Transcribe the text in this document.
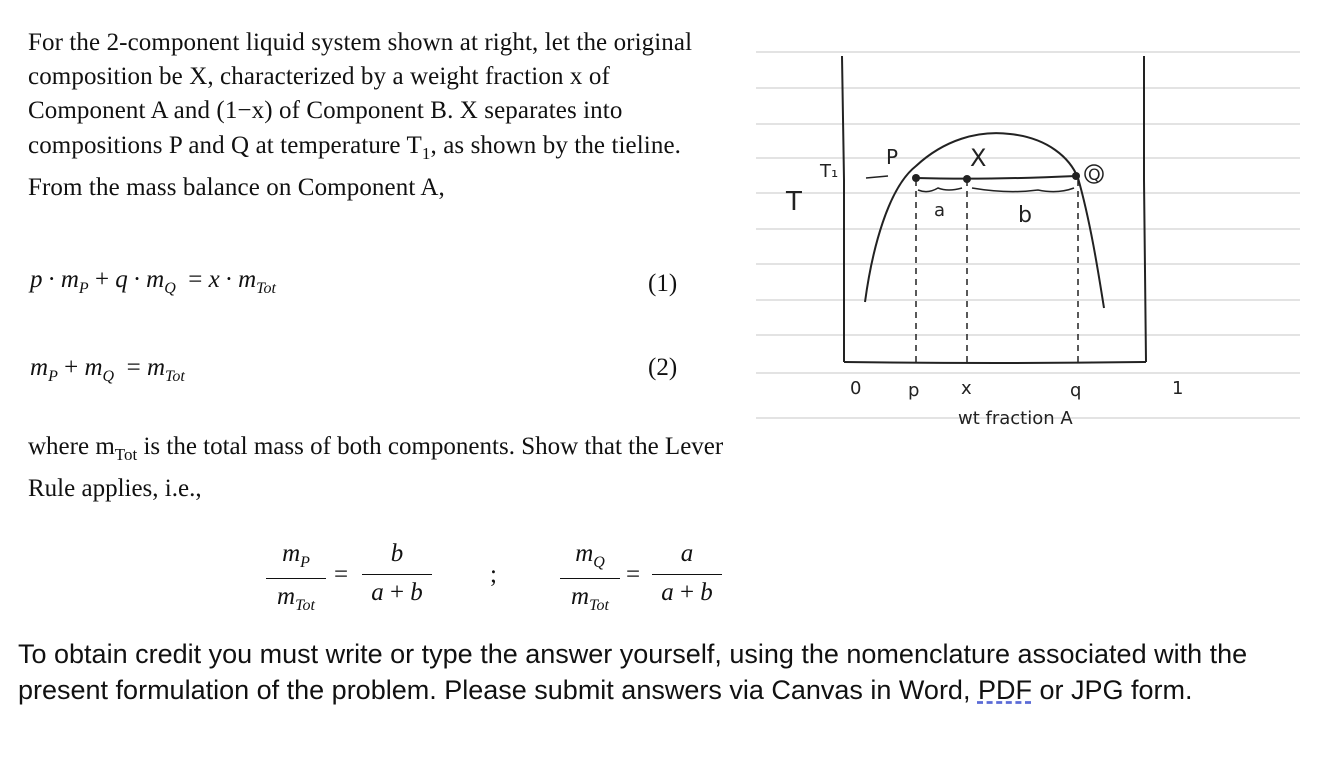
For the 2-component liquid system shown at right, let the original composition be X, characterized by a weight fraction x of Component A and (1−x) of Component B. X separates into compositions P and Q at temperature $T_1$, as shown by the tieline. From the mass balance on Component A,
$p \cdot m_P + q \cdot m_Q = x \cdot m_{Tot}$	(1)
$m_P + m_Q = m_{Tot}$	(2)
where $m_{Tot}$ is the total mass of both components. Show that the Lever Rule applies, i.e.,
$m_P$
$m_{Tot}$
=
b
a + b
;
$m_Q$
$m_{Tot}$
=
a
a + b
To obtain credit you must write or type the answer yourself, using the nomenclature associated with the present formulation of the problem. Please submit answers via Canvas in Word, PDF or JPG form.
T
T₁
P	X
Q
a	b
0	p x	q	1
wt fraction A
